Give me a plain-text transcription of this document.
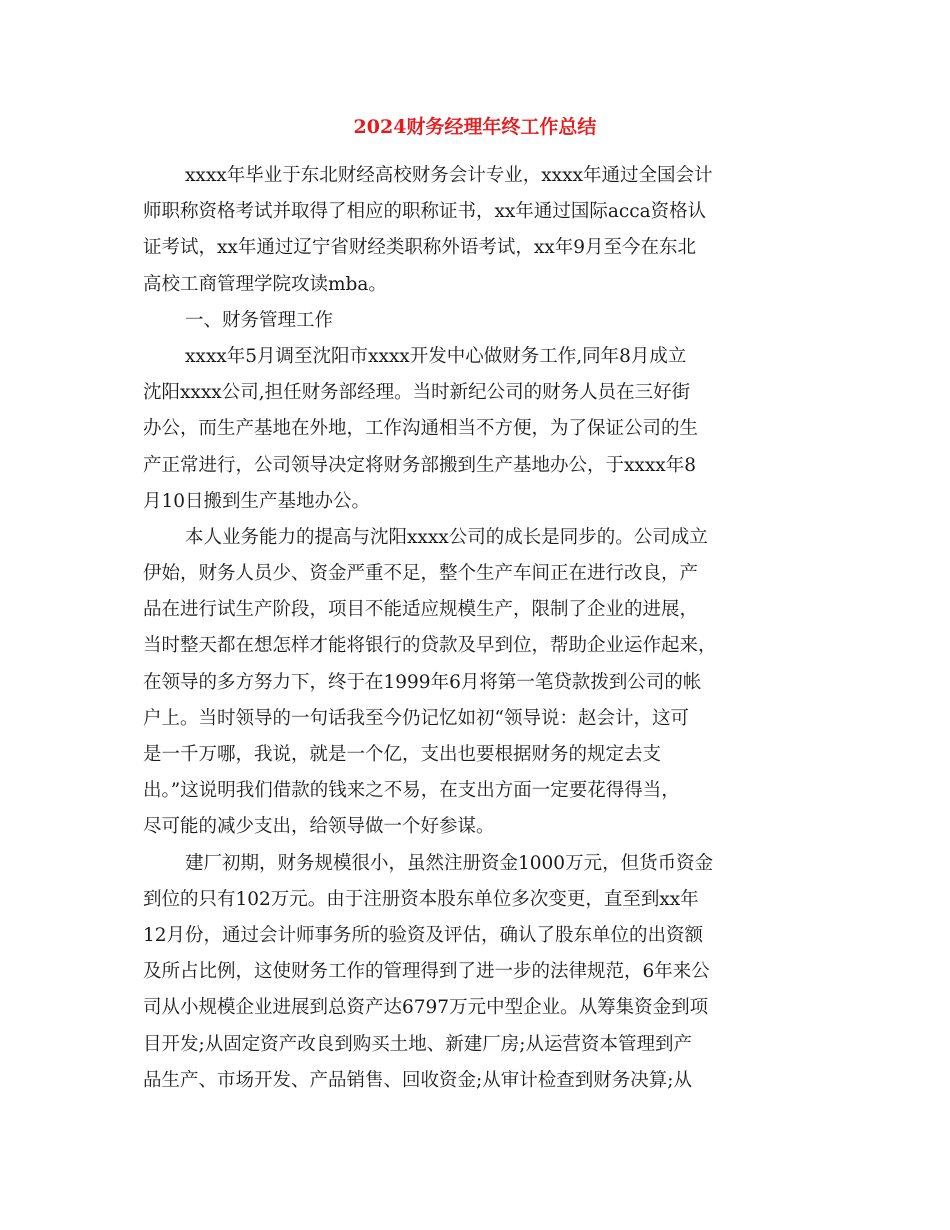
2024财务经理年终工作总结
xxxx年毕业于东北财经高校财务会计专业，xxxx年通过全国会计
师职称资格考试并取得了相应的职称证书，xx年通过国际acca资格认
证考试，xx年通过辽宁省财经类职称外语考试，xx年9月至今在东北
高校工商管理学院攻读mba。
一、财务管理工作
xxxx年5月调至沈阳市xxxx开发中心做财务工作,同年8月成立
沈阳xxxx公司,担任财务部经理。当时新纪公司的财务人员在三好街
办公，而生产基地在外地，工作沟通相当不方便，为了保证公司的生
产正常进行，公司领导决定将财务部搬到生产基地办公，于xxxx年8
月10日搬到生产基地办公。
本人业务能力的提高与沈阳xxxx公司的成长是同步的。公司成立
伊始，财务人员少、资金严重不足，整个生产车间正在进行改良，产
品在进行试生产阶段，项目不能适应规模生产，限制了企业的进展，
当时整天都在想怎样才能将银行的贷款及早到位，帮助企业运作起来，
在领导的多方努力下，终于在1999年6月将第一笔贷款拨到公司的帐
户上。当时领导的一句话我至今仍记忆如初“领导说：赵会计，这可
是一千万哪，我说，就是一个亿，支出也要根据财务的规定去支
出。”这说明我们借款的钱来之不易，在支出方面一定要花得得当，
尽可能的减少支出，给领导做一个好参谋。
建厂初期，财务规模很小，虽然注册资金1000万元，但货币资金
到位的只有102万元。由于注册资本股东单位多次变更，直至到xx年
12月份，通过会计师事务所的验资及评估，确认了股东单位的出资额
及所占比例，这使财务工作的管理得到了进一步的法律规范，6年来公
司从小规模企业进展到总资产达6797万元中型企业。从筹集资金到项
目开发;从固定资产改良到购买土地、新建厂房;从运营资本管理到产
品生产、市场开发、产品销售、回收资金;从审计检查到财务决算;从
